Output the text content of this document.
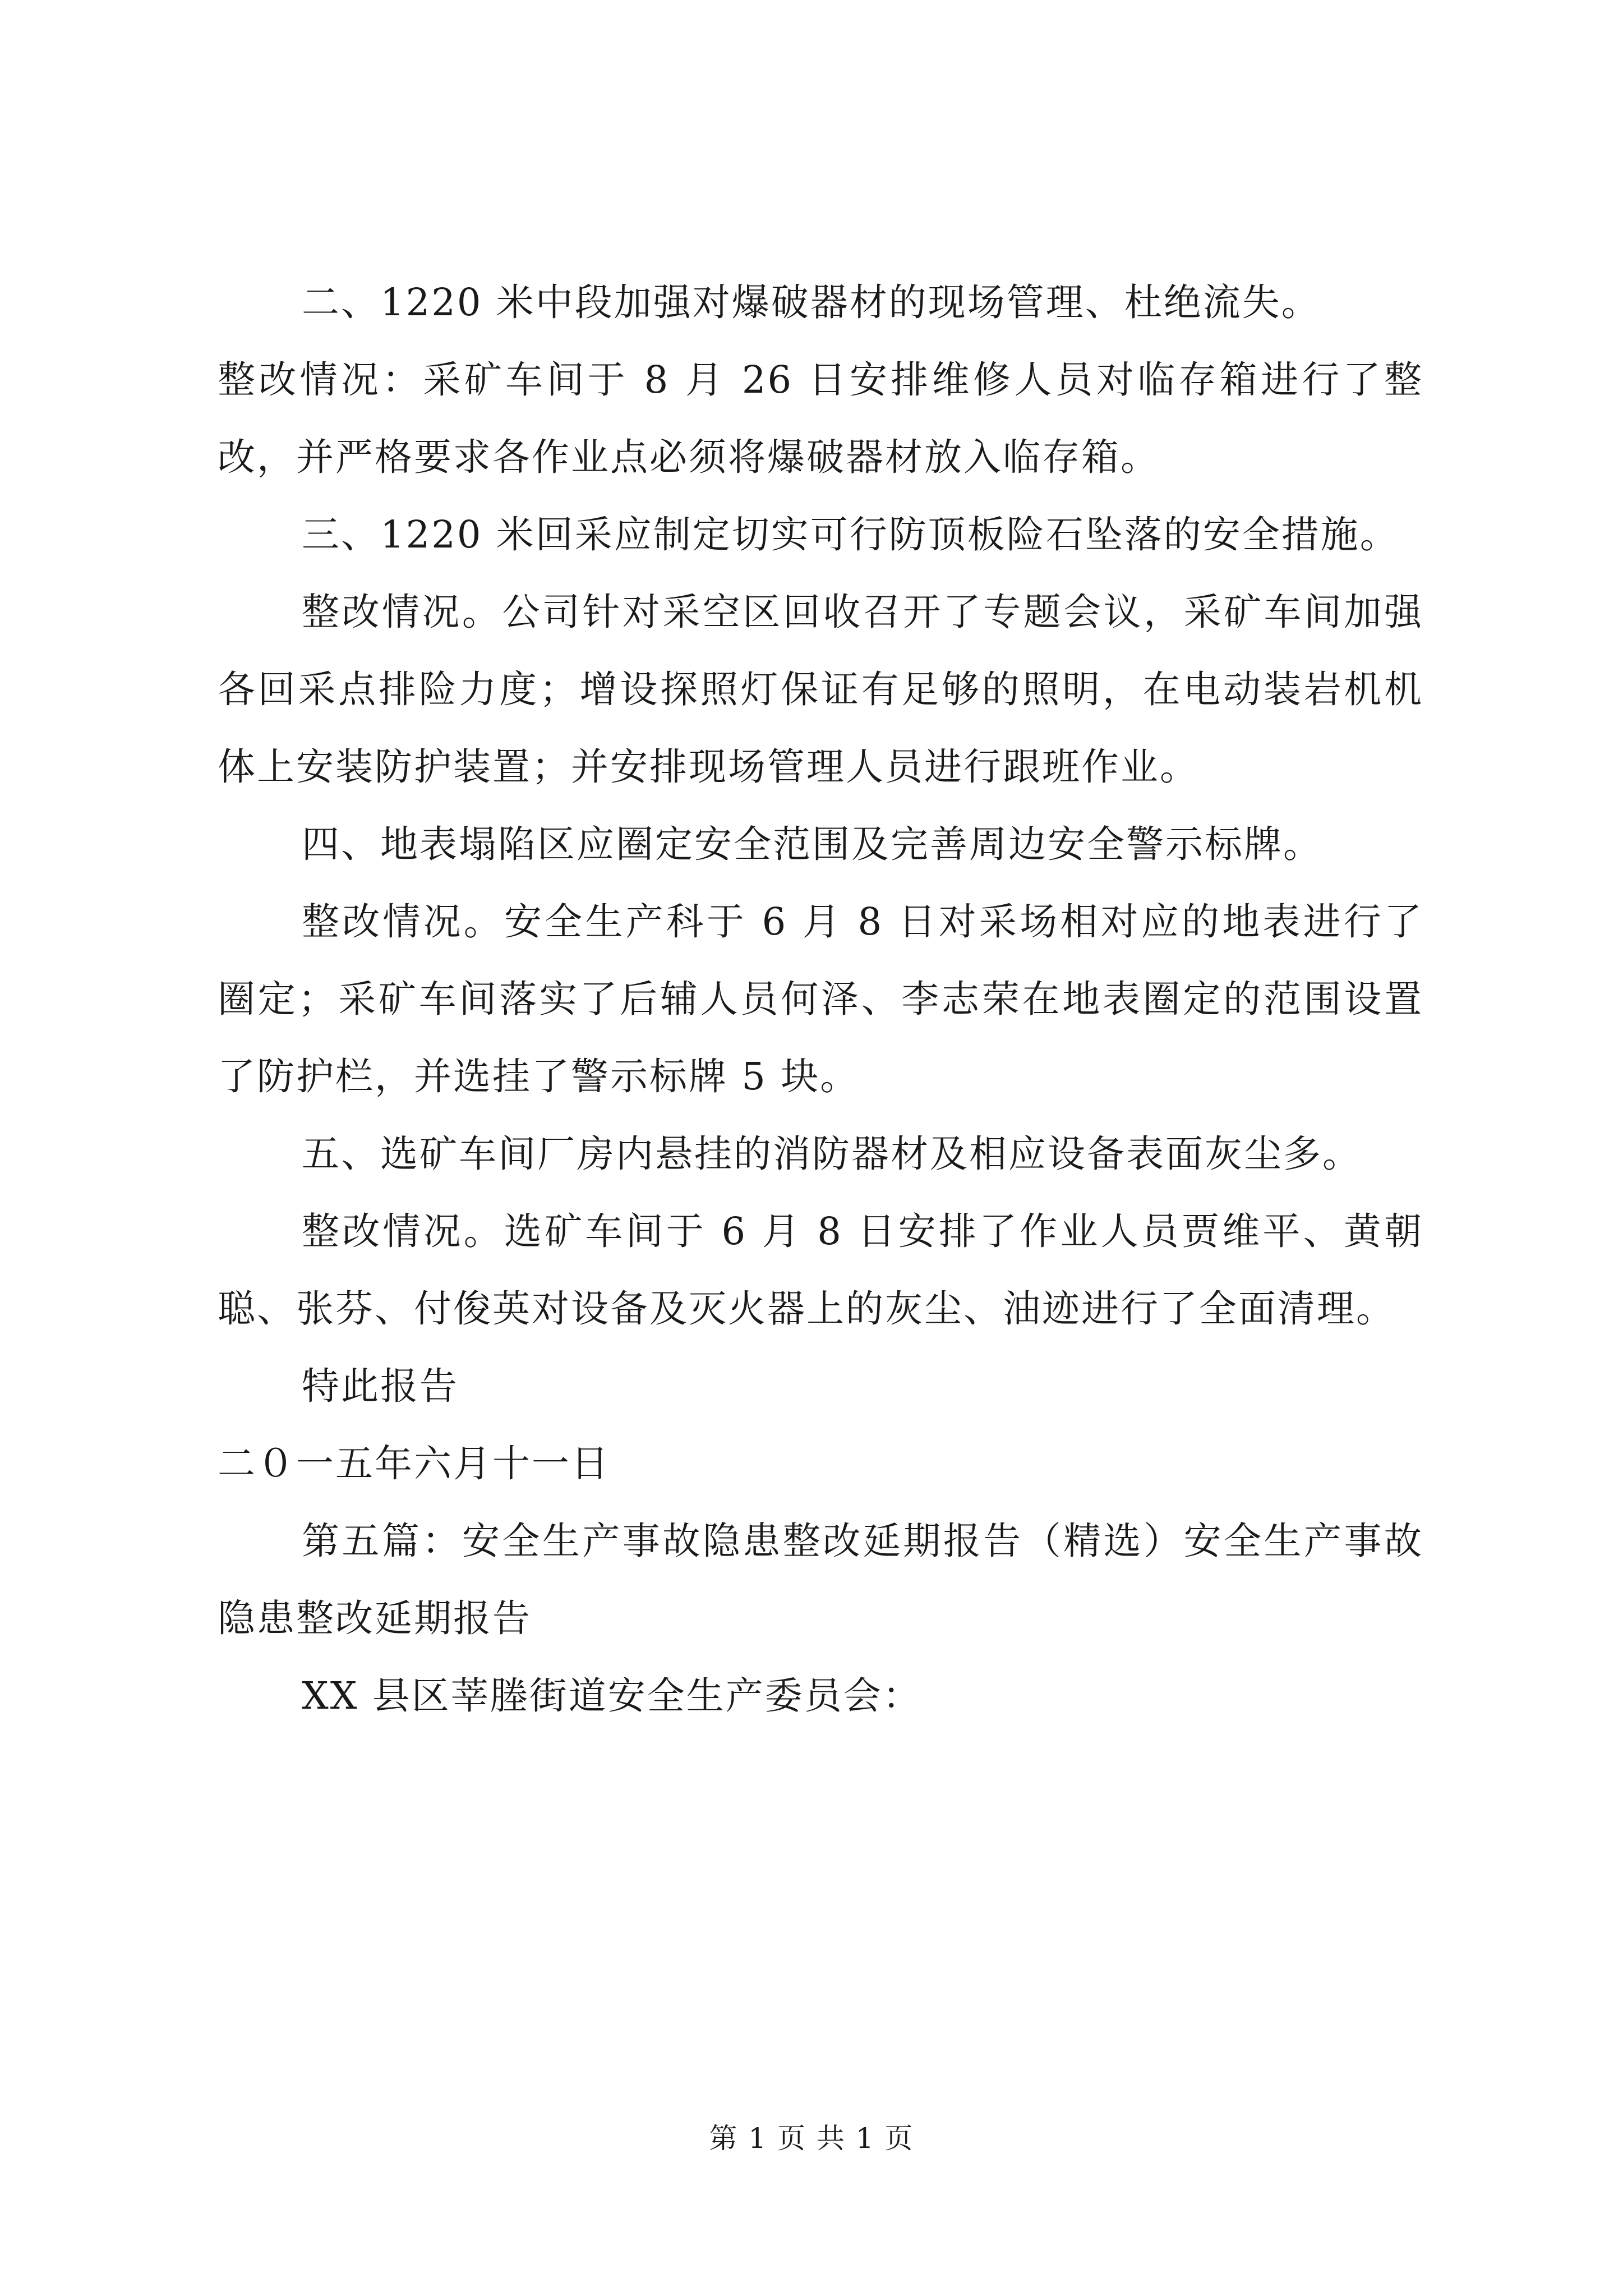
二、1220 米中段加强对爆破器材的现场管理、杜绝流失。

整改情况：采矿车间于 8 月 26 日安排维修人员对临存箱进行了整改，并严格要求各作业点必须将爆破器材放入临存箱。

三、1220 米回采应制定切实可行防顶板险石坠落的安全措施。

整改情况。公司针对采空区回收召开了专题会议，采矿车间加强各回采点排险力度；增设探照灯保证有足够的照明，在电动装岩机机体上安装防护装置；并安排现场管理人员进行跟班作业。

四、地表塌陷区应圈定安全范围及完善周边安全警示标牌。

整改情况。安全生产科于 6 月 8 日对采场相对应的地表进行了圈定；采矿车间落实了后辅人员何泽、李志荣在地表圈定的范围设置了防护栏，并选挂了警示标牌 5 块。

五、选矿车间厂房内悬挂的消防器材及相应设备表面灰尘多。

整改情况。选矿车间于 6 月 8 日安排了作业人员贾维平、黄朝聪、张芬、付俊英对设备及灭火器上的灰尘、油迹进行了全面清理。

特此报告

二０一五年六月十一日

第五篇：安全生产事故隐患整改延期报告（精选）安全生产事故隐患整改延期报告

XX 县区莘塍街道安全生产委员会：

第 1 页 共 1 页
